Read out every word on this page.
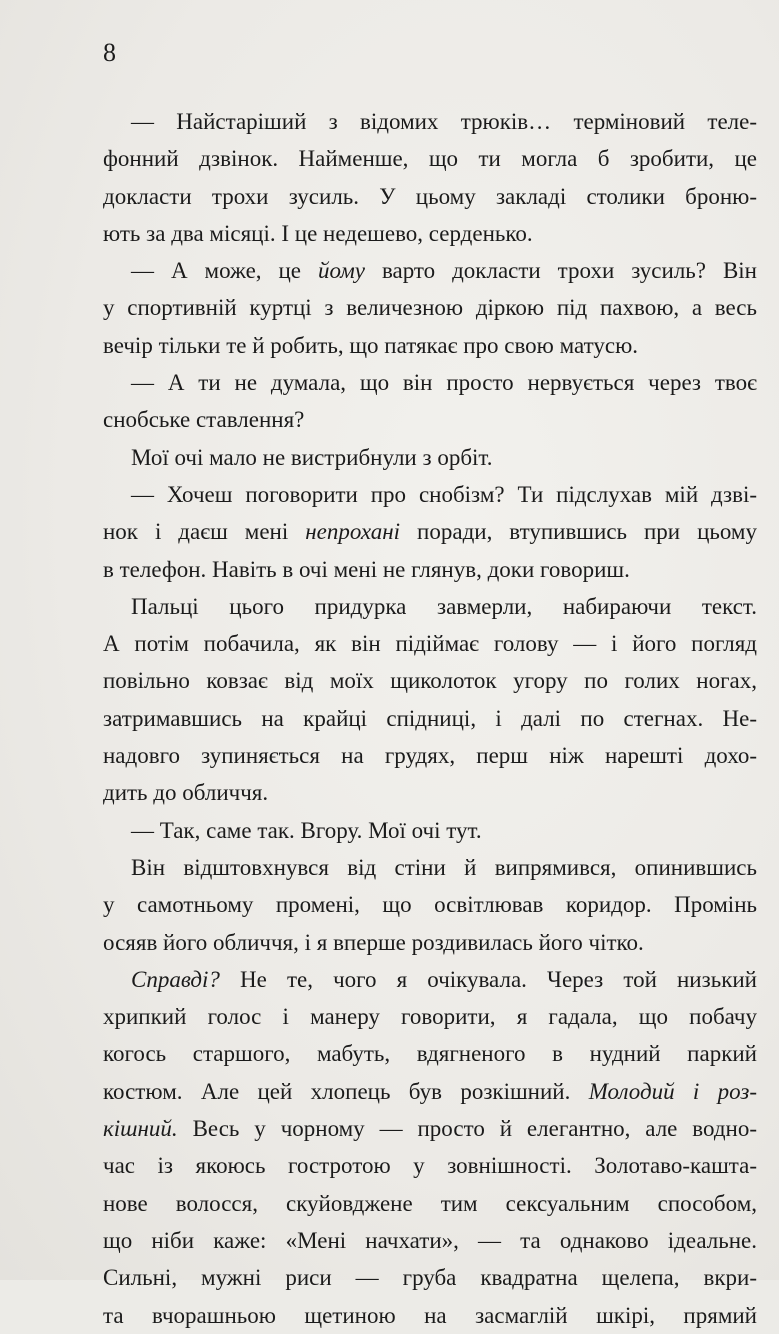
8
— Найстаріший з відомих трюків… терміновий теле-
фонний дзвінок. Найменше, що ти могла б зробити, це
докласти трохи зусиль. У цьому закладі столики броню-
ють за два місяці. І це недешево, серденько.
— А може, це йому варто докласти трохи зусиль? Він
у спортивній куртці з величезною діркою під пахвою, а весь
вечір тільки те й робить, що патякає про свою матусю.
— А ти не думала, що він просто нервується через твоє
снобське ставлення?
Мої очі мало не вистрибнули з орбіт.
— Хочеш поговорити про снобізм? Ти підслухав мій дзві-
нок і даєш мені непрохані поради, втупившись при цьому
в телефон. Навіть в очі мені не глянув, доки говориш.
Пальці цього придурка завмерли, набираючи текст.
А потім побачила, як він підіймає голову — і його погляд
повільно ковзає від моїх щиколоток угору по голих ногах,
затримавшись на крайці спідниці, і далі по стегнах. Не-
надовго зупиняється на грудях, перш ніж нарешті дохо-
дить до обличчя.
— Так, саме так. Вгору. Мої очі тут.
Він відштовхнувся від стіни й випрямився, опинившись
у самотньому промені, що освітлював коридор. Промінь
осяяв його обличчя, і я вперше роздивилась його чітко.
Справді? Не те, чого я очікувала. Через той низький
хрипкий голос і манеру говорити, я гадала, що побачу
когось старшого, мабуть, вдягненого в нудний паркий
костюм. Але цей хлопець був розкішний. Молодий і роз-
кішний. Весь у чорному — просто й елегантно, але водно-
час із якоюсь гостротою у зовнішності. Золотаво-кашта-
нове волосся, скуйовджене тим сексуальним способом,
що ніби каже: «Мені начхати», — та однаково ідеальне.
Сильні, мужні риси — груба квадратна щелепа, вкри-
та вчорашньою щетиною на засмаглій шкірі, прямий
